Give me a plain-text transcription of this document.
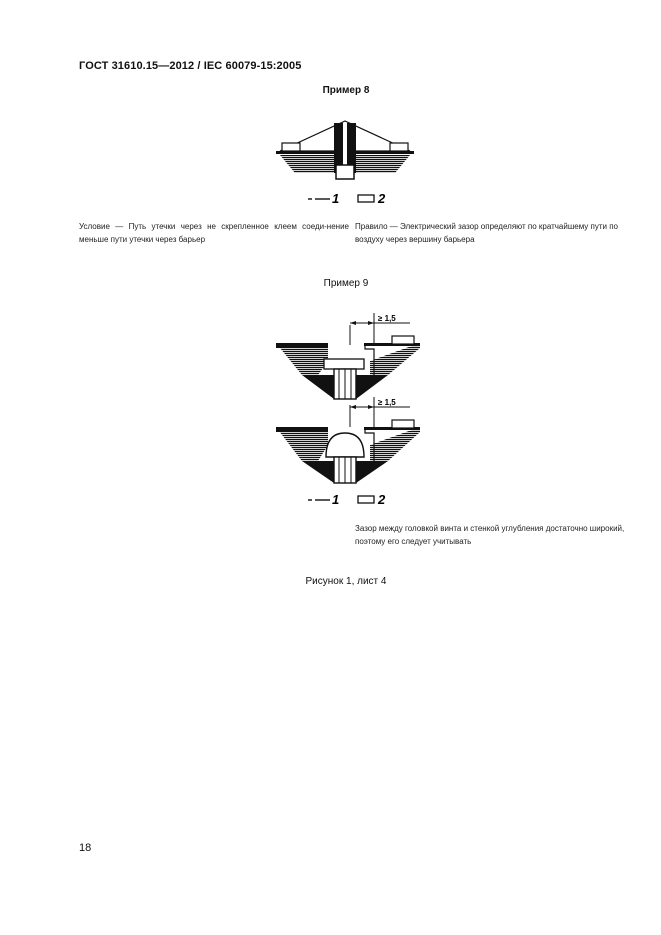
ГОСТ 31610.15—2012 / IEC 60079-15:2005
Пример 8
1	2
Условие — Путь утечки через не скрепленное клеем соеди-нение меньше пути утечки через барьер
Правило — Электрический зазор определяют по кратчайшему пути по воздуху через вершину барьера
Пример 9
≥ 1,5
≥ 1,5
1	2
Зазор между головкой винта и стенкой углубления достаточно широкий, поэтому его следует учитывать
Рисунок 1, лист 4
18
